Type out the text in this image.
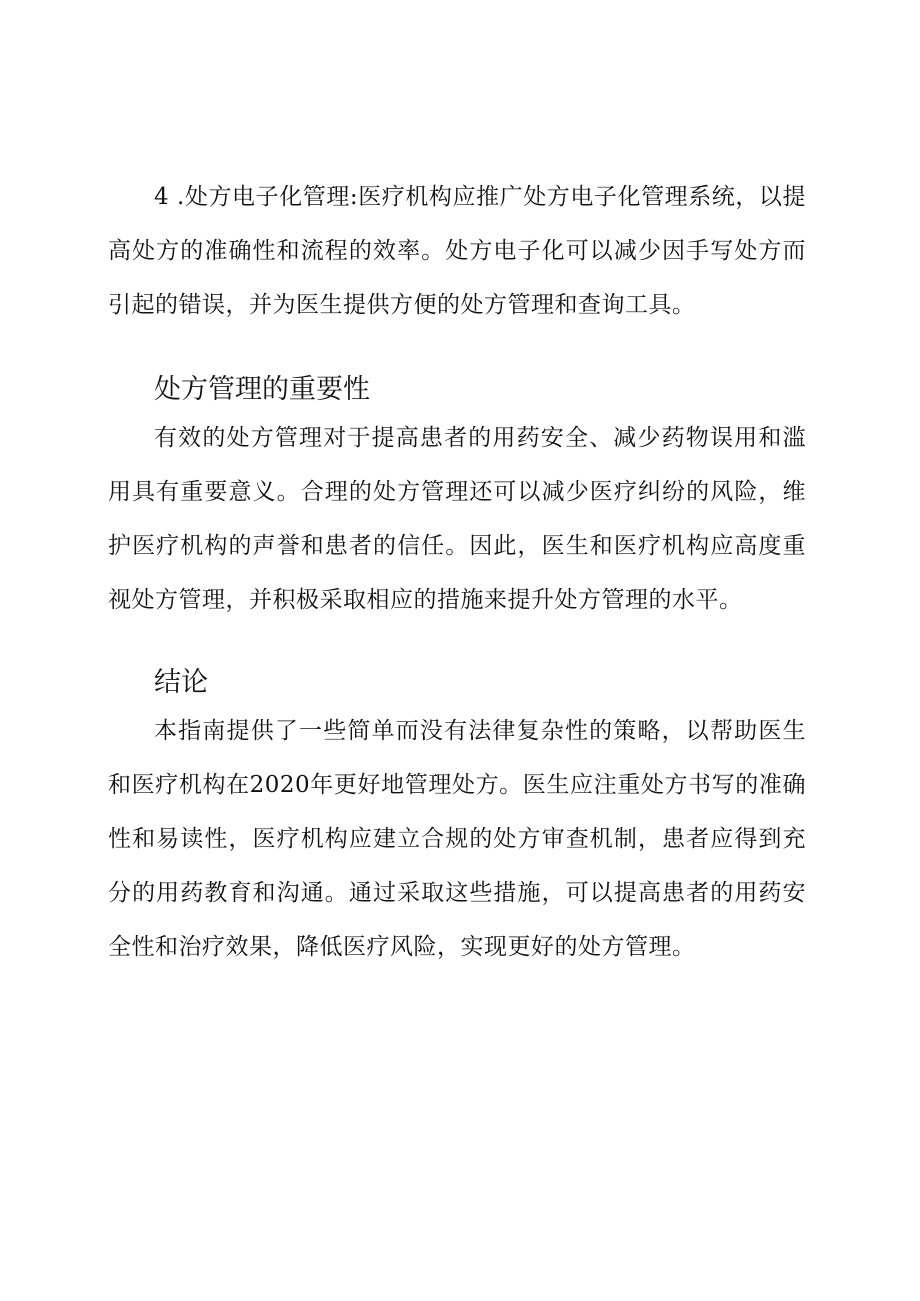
4 .处方电子化管理:医疗机构应推广处方电子化管理系统，以提高处方的准确性和流程的效率。处方电子化可以减少因手写处方而引起的错误，并为医生提供方便的处方管理和查询工具。

处方管理的重要性

有效的处方管理对于提高患者的用药安全、减少药物误用和滥用具有重要意义。合理的处方管理还可以减少医疗纠纷的风险，维护医疗机构的声誉和患者的信任。因此，医生和医疗机构应高度重视处方管理，并积极采取相应的措施来提升处方管理的水平。

结论

本指南提供了一些简单而没有法律复杂性的策略，以帮助医生和医疗机构在2020年更好地管理处方。医生应注重处方书写的准确性和易读性，医疗机构应建立合规的处方审查机制，患者应得到充分的用药教育和沟通。通过采取这些措施，可以提高患者的用药安全性和治疗效果，降低医疗风险，实现更好的处方管理。
